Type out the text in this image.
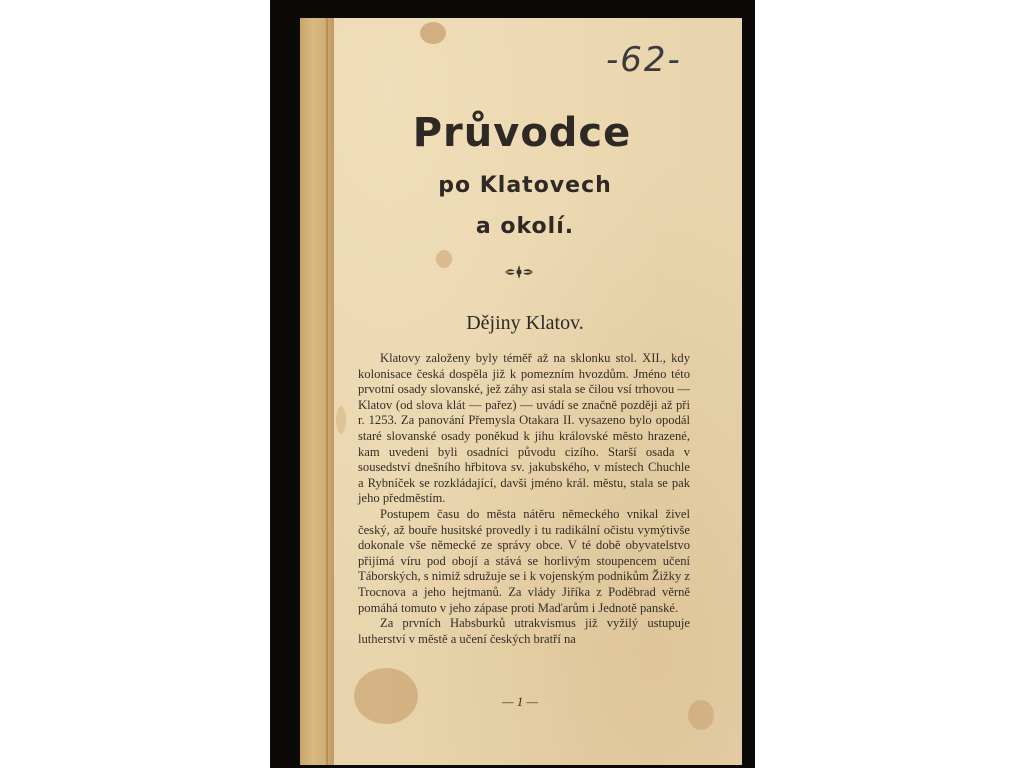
-62-
Průvodce
po Klatovech
a okolí.
Dějiny Klatov.

Klatovy založeny byly téměř až na sklonku stol. XII., kdy kolonisace česká dospěla již k pomezním hvozdům. Jméno této prvotní osady slovanské, jež záhy asi stala se čilou vsí trhovou — Klatov (od slova klát — pařez) — uvádí se značně později až při r. 1253. Za panování Přemysla Otakara II. vysazeno bylo opodál staré slovanské osady poněkud k jihu královské město hrazené, kam uvedeni byli osadníci původu cizího. Starší osada v sousedství dnešního hřbitova sv. jakubského, v místech Chuchle a Rybníček se rozkládající, davši jméno král. městu, stala se pak jeho předměstím.

Postupem času do města nátěru německého vnikal živel český, až bouře husitské provedly i tu radikální očistu vymýtivše dokonale vše německé ze správy obce. V té době obyvatelstvo přijímá víru pod obojí a stává se horlivým stoupencem učení Táborských, s nimiž sdružuje se i k vojenským podnikům Žižky z Trocnova a jeho hejtmanů. Za vlády Jiříka z Poděbrad věrně pomáhá tomuto v jeho zápase proti Maďarům i Jednotě panské.

Za prvních Habsburků utrakvismus již vyžilý ustupuje lutherství v městě a učení českých bratří na

— 1 —
